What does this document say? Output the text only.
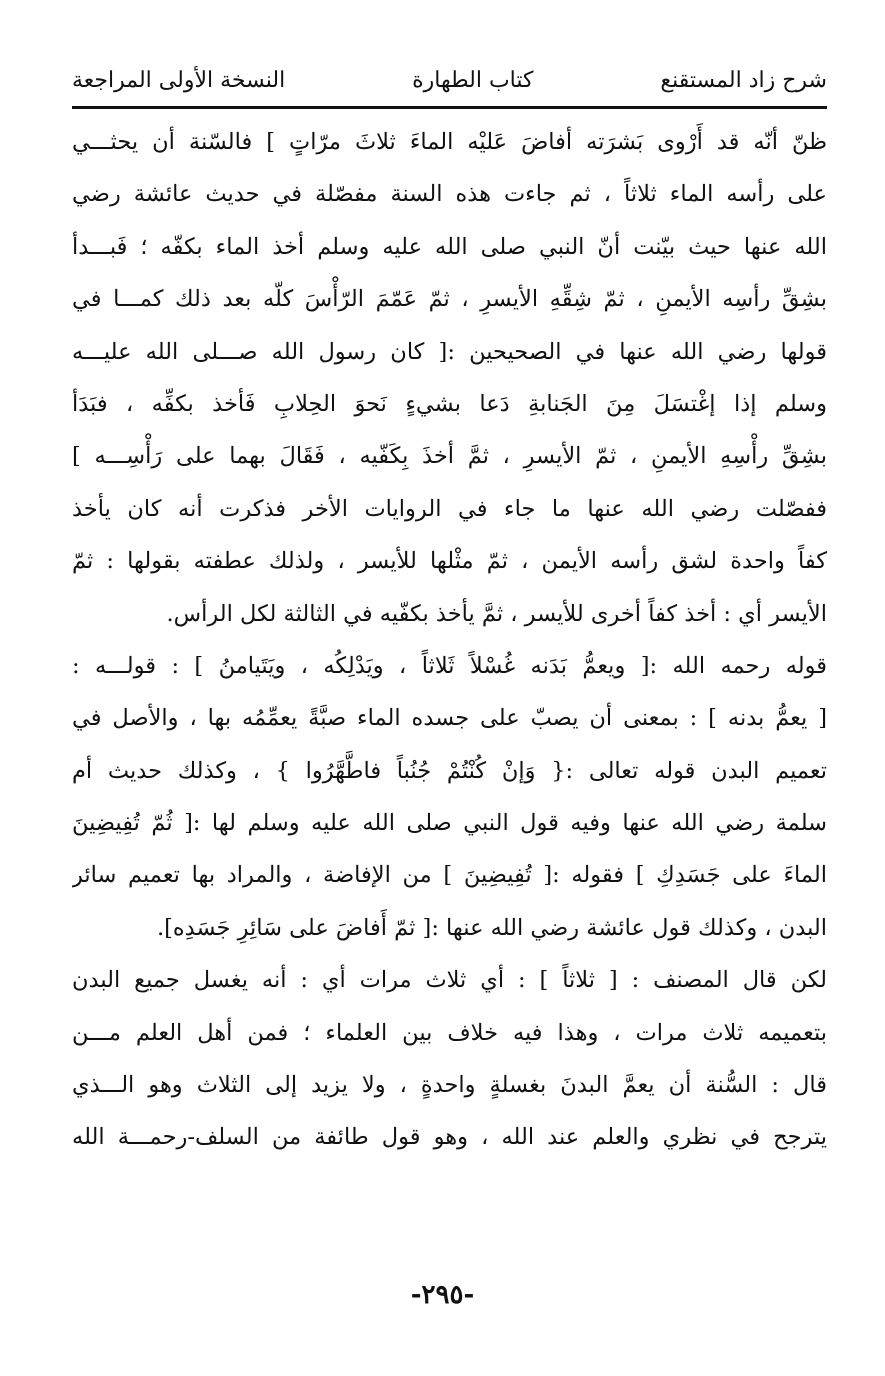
شرح زاد المستقنع
كتاب الطهارة
النسخة الأولى المراجعة
ظنّ أنّه قد أَرْوى بَشرَته أفاضَ عَليْه الماءَ ثلاثَ مرّاتٍ ] فالسّنة أن يحثـــي
على رأسه الماء ثلاثاً ، ثم جاءت هذه السنة مفصّلة في حديث عائشة رضي
الله عنها حيث بيّنت أنّ النبي صلى الله عليه وسلم أخذ الماء بكفّه ؛ فَبـــدأ
بشِقِّ رأسِه الأيمنِ ، ثمّ شِقِّهِ الأيسرِ ، ثمّ عَمّمَ الرّأْسَ كلّه بعد ذلك كمـــا في
قولها رضي الله عنها في الصحيحين :[ كان رسول الله صـــلى الله عليـــه
وسلم إذا إغْتسَلَ مِنَ الجَنابةِ دَعا بشيءٍ نَحوَ الحِلابِ فَأخذ بكفِّه ، فبَدَأ
بشِقِّ رأْسِهِ الأيمنِ ، ثمّ الأيسرِ ، ثمَّ أخذَ بِكَفّيه ، فَقَالَ بهما على رَأْسِـــه ]
ففصّلت رضي الله عنها ما جاء في الروايات الأخر فذكرت أنه كان يأخذ
كفاً واحدة لشق رأسه الأيمن ، ثمّ مثْلها للأيسر ، ولذلك عطفته بقولها : ثمّ
الأيسر أي : أخذ كفاً أخرى للأيسر ، ثمَّ يأخذ بكفّيه في الثالثة لكل الرأس.
قوله رحمه الله :[ ويعمُّ بَدَنه غُسْلاً ثَلاثاً ، ويَدْلِكُه ، ويَتَيامنُ ] : قولـــه :
[ يعمُّ بدنه ] : بمعنى أن يصبّ على جسده الماء صبَّةً يعمِّمُه بها ، والأصل في
تعميم البدن قوله تعالى :{ وَإنْ كُنْتُمْ جُنُباً فاطَّهَّرُوا } ، وكذلك حديث أم
سلمة رضي الله عنها وفيه قول النبي صلى الله عليه وسلم لها :[ ثُمّ تُفِيضِينَ
الماءَ على جَسَدِكِ ] فقوله :[ تُفِيضِينَ ] من الإفاضة ، والمراد بها تعميم سائر
البدن ، وكذلك قول عائشة رضي الله عنها :[ ثمّ أَفاضَ على سَائِرِ جَسَدِه].
لكن قال المصنف : [ ثلاثاً ] : أي ثلاث مرات أي : أنه يغسل جميع البدن
بتعميمه ثلاث مرات ، وهذا فيه خلاف بين العلماء ؛ فمن أهل العلم مـــن
قال : السُّنة أن يعمَّ البدنَ بغسلةٍ واحدةٍ ، ولا يزيد إلى الثلاث وهو الـــذي
يترجح في نظري والعلم عند الله ، وهو قول طائفة من السلف-رحمـــة الله
-٢٩٥-
